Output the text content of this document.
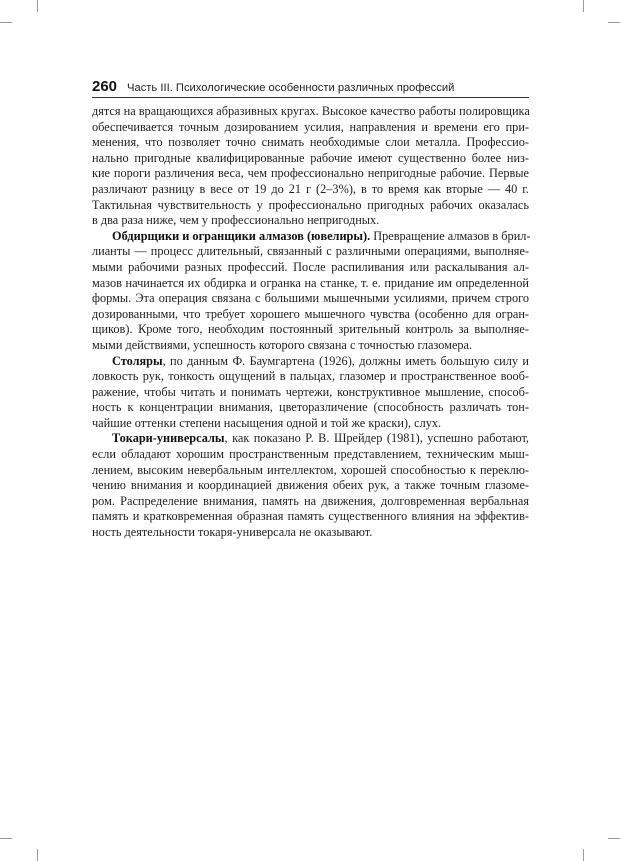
260 Часть III. Психологические особенности различных профессий

дятся на вращающихся абразивных кругах. Высокое качество работы полировщика
обеспечивается точным дозированием усилия, направления и времени его при-
менения, что позволяет точно снимать необходимые слои металла. Профессио-
нально пригодные квалифицированные рабочие имеют существенно более низ-
кие пороги различения веса, чем профессионально непригодные рабочие. Первые
различают разницу в весе от 19 до 21 г (2–3%), в то время как вторые — 40 г.
Тактильная чувствительность у профессионально пригодных рабочих оказалась
в два раза ниже, чем у профессионально непригодных.

Обдирщики и огранщики алмазов (ювелиры). Превращение алмазов в брил-
лианты — процесс длительный, связанный с различными операциями, выполняе-
мыми рабочими разных профессий. После распиливания или раскалывания ал-
мазов начинается их обдирка и огранка на станке, т. е. придание им определенной
формы. Эта операция связана с большими мышечными усилиями, причем строго
дозированными, что требует хорошего мышечного чувства (особенно для огран-
щиков). Кроме того, необходим постоянный зрительный контроль за выполняе-
мыми действиями, успешность которого связана с точностью глазомера.

Столяры, по данным Ф. Баумгартена (1926), должны иметь большую силу и
ловкость рук, тонкость ощущений в пальцах, глазомер и пространственное вооб-
ражение, чтобы читать и понимать чертежи, конструктивное мышление, способ-
ность к концентрации внимания, цветоразличение (способность различать тон-
чайшие оттенки степени насыщения одной и той же краски), слух.

Токари-универсалы, как показано Р. В. Шрейдер (1981), успешно работают,
если обладают хорошим пространственным представлением, техническим мыш-
лением, высоким невербальным интеллектом, хорошей способностью к переклю-
чению внимания и координацией движения обеих рук, а также точным глазоме-
ром. Распределение внимания, память на движения, долговременная вербальная
память и кратковременная образная память существенного влияния на эффектив-
ность деятельности токаря-универсала не оказывают.
